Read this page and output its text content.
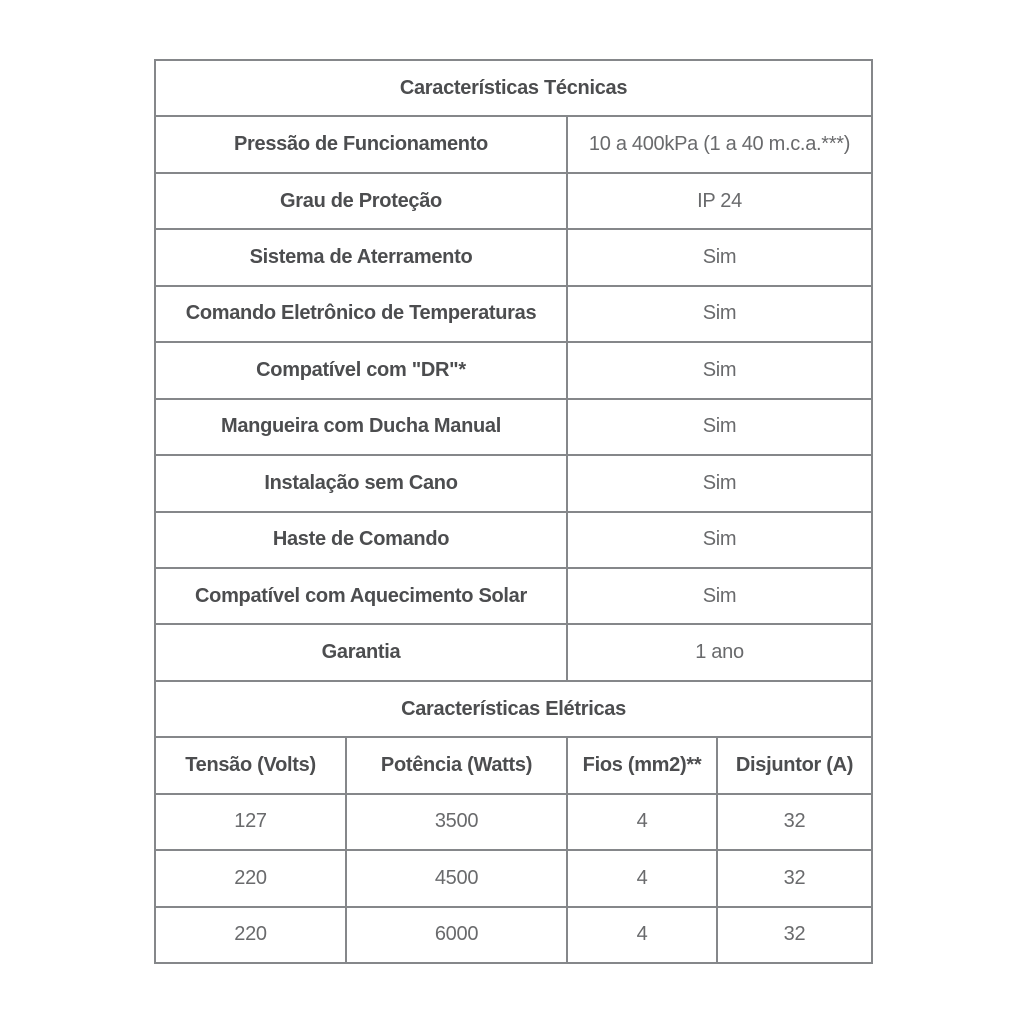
Características Técnicas			
Pressão de Funcionamento		10 a 400kPa (1 a 40 m.c.a.***)	
Grau de Proteção		IP 24	
Sistema de Aterramento		Sim	
Comando Eletrônico de Temperaturas		Sim	
Compatível com "DR"*		Sim	
Mangueira com Ducha Manual		Sim	
Instalação sem Cano		Sim	
Haste de Comando		Sim	
Compatível com Aquecimento Solar		Sim	
Garantia		1 ano	
Características Elétricas			
Tensão (Volts)	Potência (Watts)	Fios (mm2)**	Disjuntor (A)
127	3500	4	32
220	4500	4	32
220	6000	4	32
